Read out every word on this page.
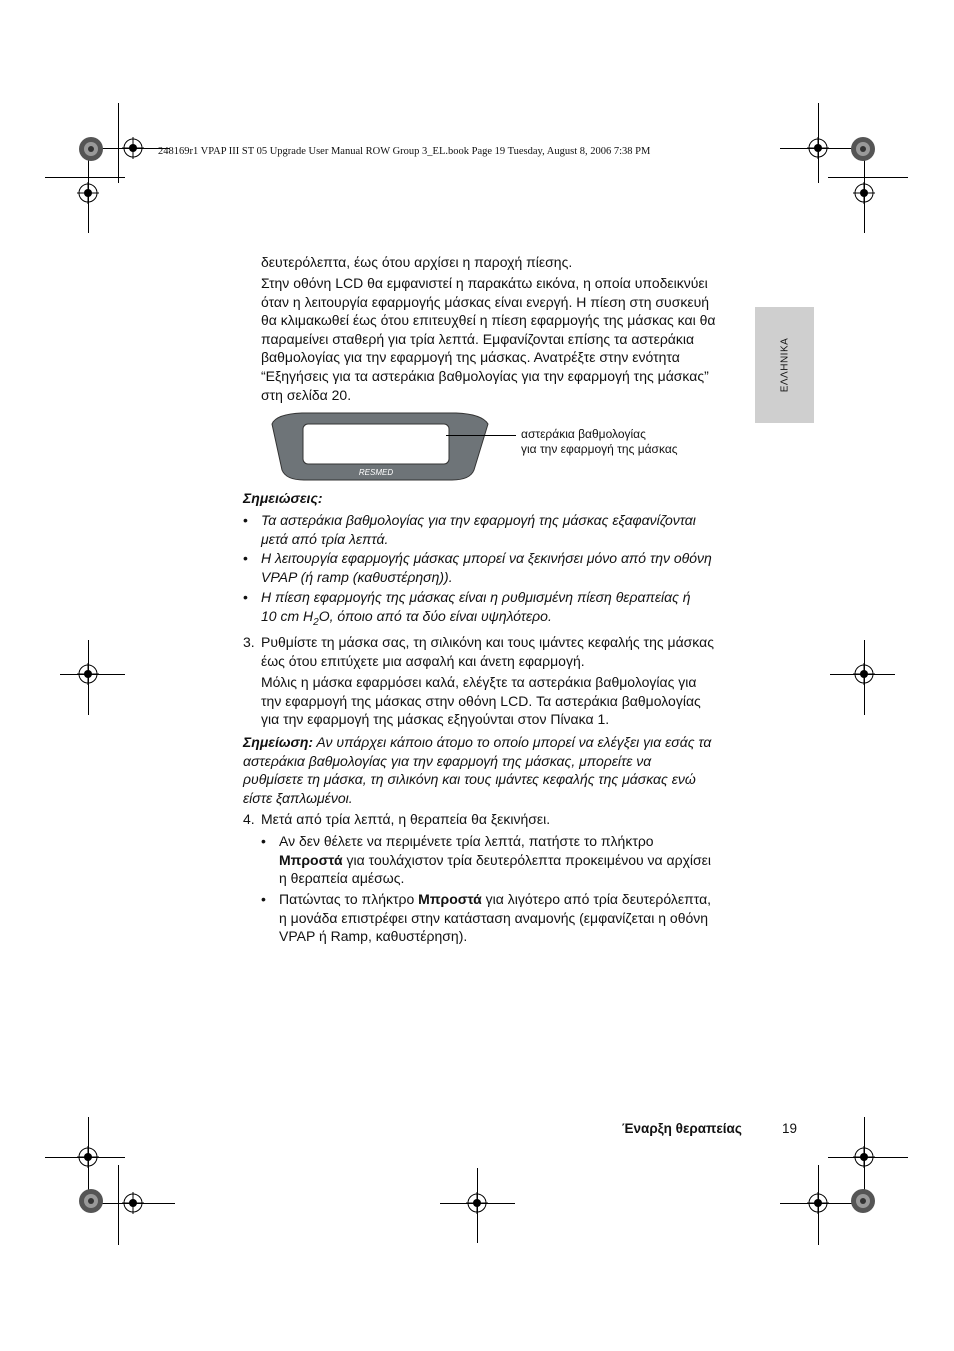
248169r1 VPAP III ST 05 Upgrade User Manual ROW Group 3_EL.book Page 19 Tuesday, August 8, 2006 7:38 PM
ΕΛΛΗΝΙΚΑ

δευτερόλεπτα, έως ότου αρχίσει η παροχή πίεσης.

Στην οθόνη LCD θα εμφανιστεί η παρακάτω εικόνα, η οποία υποδεικνύει

όταν η λειτουργία εφαρμογής μάσκας είναι ενεργή. Η πίεση στη συσκευή

θα κλιμακωθεί έως ότου επιτευχθεί η πίεση εφαρμογής της μάσκας και θα

παραμείνει σταθερή για τρία λεπτά. Εμφανίζονται επίσης τα αστεράκια

βαθμολογίας για την εφαρμογή της μάσκας. Ανατρέξτε στην ενότητα

“Εξηγήσεις για τα αστεράκια βαθμολογίας για την εφαρμογή της μάσκας”

στη σελίδα 20.

RESMED
αστεράκια βαθμολογίας
για την εφαρμογή της μάσκας
Σημειώσεις:
• Τα αστεράκια βαθμολογίας για την εφαρμογή της μάσκας εξαφανίζονται
μετά από τρία λεπτά.
• Η λειτουργία εφαρμογής μάσκας μπορεί να ξεκινήσει μόνο από την οθόνη
VPAP (ή ramp (καθυστέρηση)).
• Η πίεση εφαρμογής της μάσκας είναι η ρυθμισμένη πίεση θεραπείας ή
10 cm $H_2O$, όποιο από τα δύο είναι υψηλότερο.
3. Ρυθμίστε τη μάσκα σας, τη σιλικόνη και τους ιμάντες κεφαλής της μάσκας
έως ότου επιτύχετε μια ασφαλή και άνετη εφαρμογή.

Μόλις η μάσκα εφαρμόσει καλά, ελέγξτε τα αστεράκια βαθμολογίας για

την εφαρμογή της μάσκας στην οθόνη LCD. Τα αστεράκια βαθμολογίας

για την εφαρμογή της μάσκας εξηγούνται στον Πίνακα 1.

Σημείωση: Αν υπάρχει κάποιο άτομο το οποίο μπορεί να ελέγξει για εσάς τα

αστεράκια βαθμολογίας για την εφαρμογή της μάσκας, μπορείτε να

ρυθμίσετε τη μάσκα, τη σιλικόνη και τους ιμάντες κεφαλής της μάσκας ενώ

είστε ξαπλωμένοι.

4. Μετά από τρία λεπτά, η θεραπεία θα ξεκινήσει.
• Αν δεν θέλετε να περιμένετε τρία λεπτά, πατήστε το πλήκτρο
Μπροστά για τουλάχιστον τρία δευτερόλεπτα προκειμένου να αρχίσει
η θεραπεία αμέσως.
• Πατώντας το πλήκτρο Μπροστά για λιγότερο από τρία δευτερόλεπτα,
η μονάδα επιστρέφει στην κατάσταση αναμονής (εμφανίζεται η οθόνη
VPAP ή Ramp, καθυστέρηση).
Έναρξη θεραπείας	19
